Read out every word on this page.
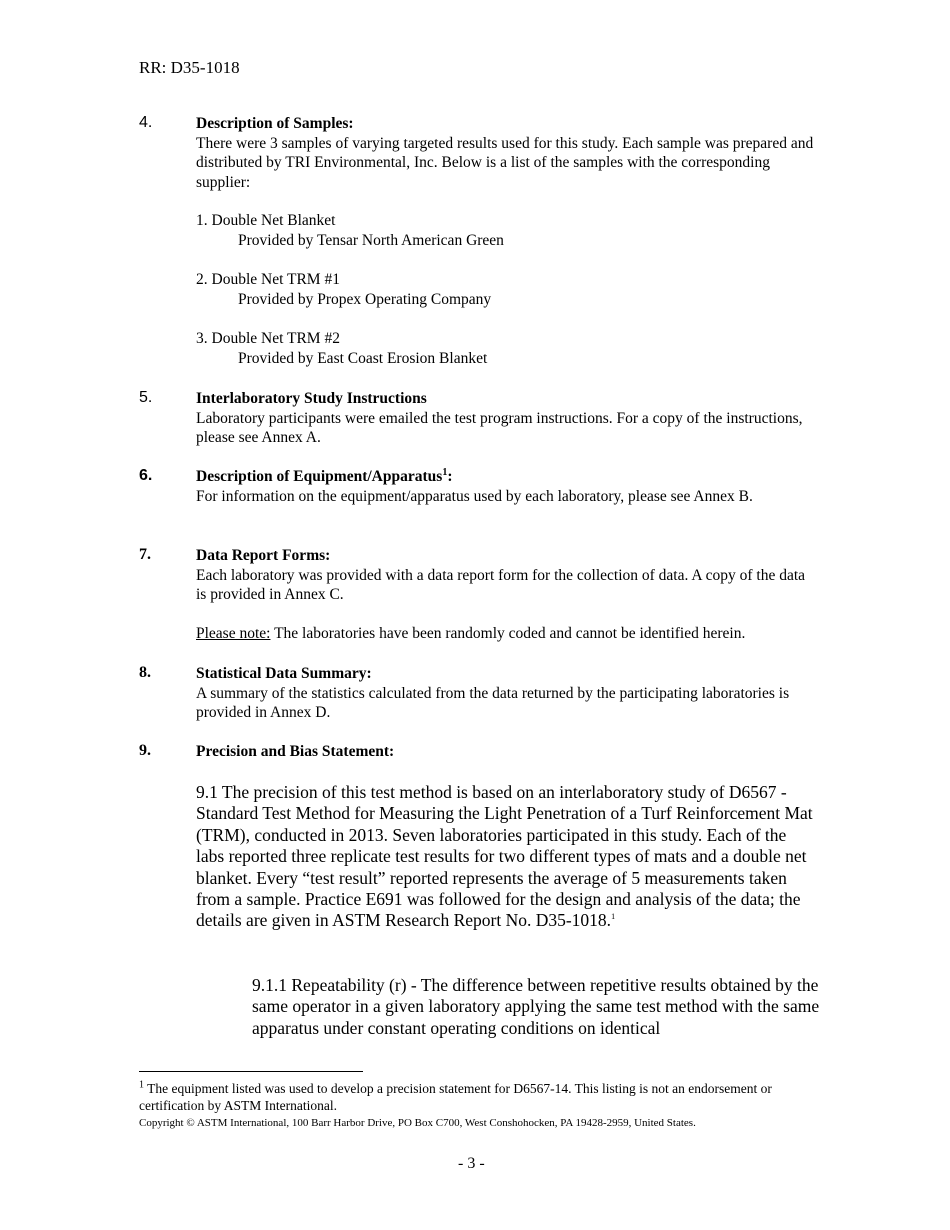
RR: D35-1018
4.	Description of Samples:
There were 3 samples of varying targeted results used for this study. Each sample was prepared and distributed by TRI Environmental, Inc. Below is a list of the samples with the corresponding supplier:
1. Double Net Blanket
Provided by Tensar North American Green
2. Double Net TRM #1
Provided by Propex Operating Company
3. Double Net TRM #2
Provided by East Coast Erosion Blanket
5.	Interlaboratory Study Instructions
Laboratory participants were emailed the test program instructions. For a copy of the instructions, please see Annex A.
6.	Description of Equipment/Apparatus$^1$:
For information on the equipment/apparatus used by each laboratory, please see Annex B.
7.	Data Report Forms:
Each laboratory was provided with a data report form for the collection of data. A copy of the data is provided in Annex C.
Please note: The laboratories have been randomly coded and cannot be identified herein.
8.	Statistical Data Summary:
A summary of the statistics calculated from the data returned by the participating laboratories is provided in Annex D.
9.	Precision and Bias Statement:
9.1 The precision of this test method is based on an interlaboratory study of D6567 - Standard Test Method for Measuring the Light Penetration of a Turf Reinforcement Mat (TRM), conducted in 2013. Seven laboratories participated in this study. Each of the labs reported three replicate test results for two different types of mats and a double net blanket. Every “test result” reported represents the average of 5 measurements taken from a sample. Practice E691 was followed for the design and analysis of the data; the details are given in ASTM Research Report No. D35-1018.$^1$
9.1.1 Repeatability (r) - The difference between repetitive results obtained by the same operator in a given laboratory applying the same test method with the same apparatus under constant operating conditions on identical
$^1$ The equipment listed was used to develop a precision statement for D6567-14. This listing is not an endorsement or certification by ASTM International.
Copyright © ASTM International, 100 Barr Harbor Drive, PO Box C700, West Conshohocken, PA 19428-2959, United States.
- 3 -
